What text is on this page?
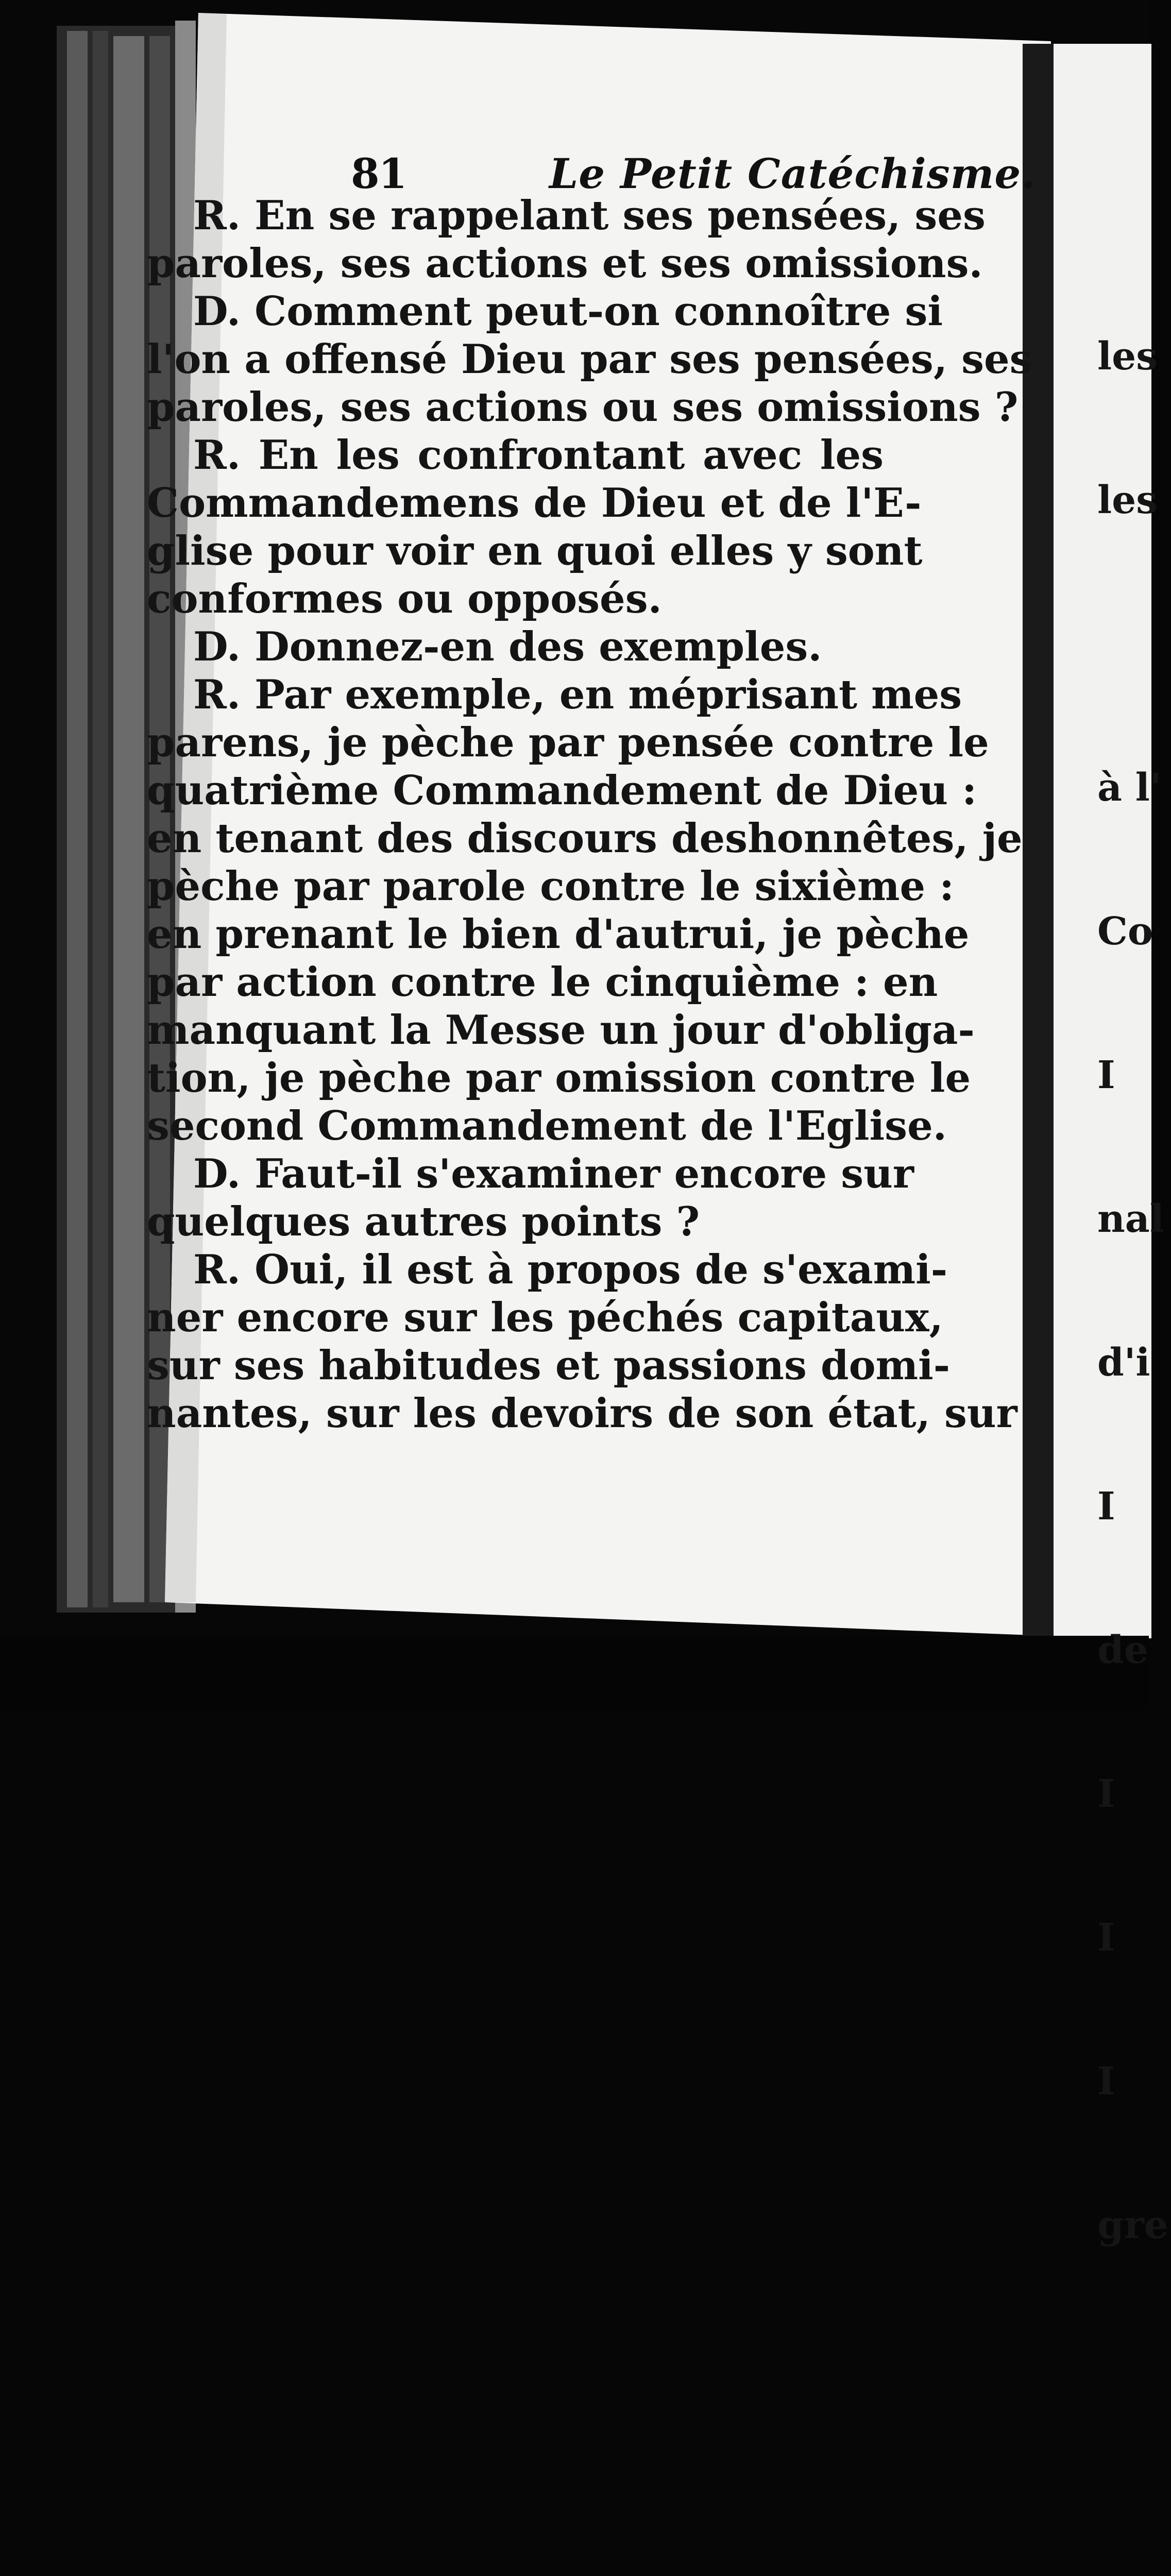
81	Le Petit Catéchisme.
R. En se rappelant ses pensées, ses
paroles, ses actions et ses omissions.
D. Comment peut-on connoître si
l'on a offensé Dieu par ses pensées, ses
paroles, ses actions ou ses omissions ?
R. En les confrontant avec les
Commandemens de Dieu et de l'E-
glise pour voir en quoi elles y sont
conformes ou opposés.
D. Donnez-en des exemples.
R. Par exemple, en méprisant mes
parens, je pèche par pensée contre le
quatrième Commandement de Dieu :
en tenant des discours deshonnêtes, je
pèche par parole contre le sixième :
en prenant le bien d'autrui, je pèche
par action contre le cinquième : en
manquant la Messe un jour d'obliga-
tion, je pèche par omission contre le
second Commandement de l'Eglise.
D. Faut-il s'examiner encore sur
quelques autres points ?
R. Oui, il est à propos de s'exami-
ner encore sur les péchés capitaux,
sur ses habitudes et passions domi-
nantes, sur les devoirs de son état, sur

les

les

à l'

Co

I

nal

d'i

I

de

I

I

I

gre
